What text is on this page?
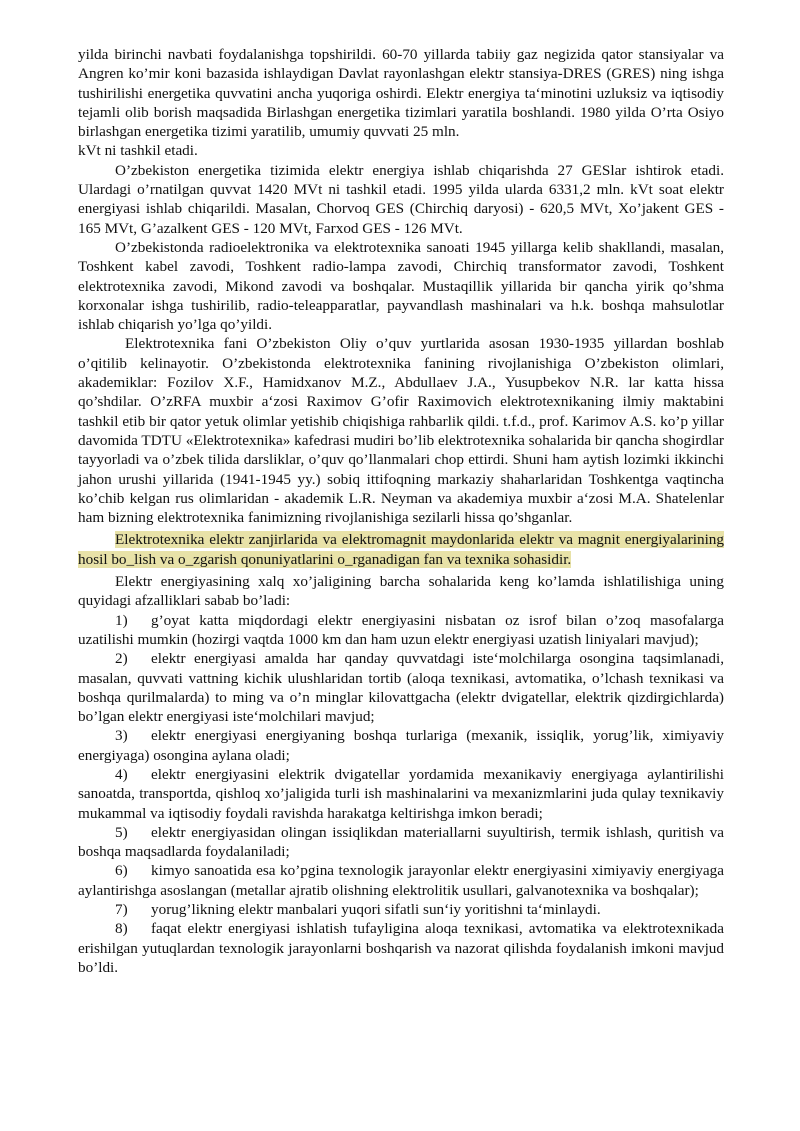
yilda birinchi navbati foydalanishga topshirildi. 60-70 yillarda tabiiy gaz negizida qator stansiyalar va Angren ko’mir koni bazasida ishlaydigan Davlat rayonlashgan elektr stansiya-DRES (GRES) ning ishga tushirilishi energetika quvvatini ancha yuqoriga oshirdi. Elektr energiya ta‘minotini uzluksiz va iqtisodiy tejamli olib borish maqsadida Birlashgan energetika tizimlari yaratila boshlandi. 1980 yilda O’rta Osiyo birlashgan energetika tizimi yaratilib, umumiy quvvati 25 mln.

kVt ni tashkil etadi.

O’zbekiston energetika tizimida elektr energiya ishlab chiqarishda 27 GESlar ishtirok etadi. Ulardagi o’rnatilgan quvvat 1420 MVt ni tashkil etadi. 1995 yilda ularda 6331,2 mln. kVt soat elektr energiyasi ishlab chiqarildi. Masalan, Chorvoq GES (Chirchiq daryosi) - 620,5 MVt, Xo’jakent GES - 165 MVt, G’azalkent GES - 120 MVt, Farxod GES - 126 MVt.

O’zbekistonda radioelektronika va elektrotexnika sanoati 1945 yillarga kelib shakllandi, masalan, Toshkent kabel zavodi, Toshkent radio-lampa zavodi, Chirchiq transformator zavodi, Toshkent elektrotexnika zavodi, Mikond zavodi va boshqalar. Mustaqillik yillarida bir qancha yirik qo’shma korxonalar ishga tushirilib, radio-teleapparatlar, payvandlash mashinalari va h.k. boshqa mahsulotlar ishlab chiqarish yo’lga qo’yildi.

Elektrotexnika fani O’zbekiston Oliy o’quv yurtlarida asosan 1930-1935 yillardan boshlab o’qitilib kelinayotir. O’zbekistonda elektrotexnika fanining rivojlanishiga O’zbekiston olimlari, akademiklar: Fozilov X.F., Hamidxanov M.Z., Abdullaev J.A., Yusupbekov N.R. lar katta hissa qo’shdilar. O’zRFA muxbir a‘zosi Raximov G’ofir Raximovich elektrotexnikaning ilmiy maktabini tashkil etib bir qator yetuk olimlar yetishib chiqishiga rahbarlik qildi. t.f.d., prof. Karimov A.S. ko’p yillar davomida TDTU «Elektrotexnika» kafedrasi mudiri bo’lib elektrotexnika sohalarida bir qancha shogirdlar tayyorladi va o’zbek tilida darsliklar, o’quv qo’llanmalari chop ettirdi. Shuni ham aytish lozimki ikkinchi jahon urushi yillarida (1941-1945 yy.) sobiq ittifoqning markaziy shaharlaridan Toshkentga vaqtincha ko’chib kelgan rus olimlaridan - akademik L.R. Neyman va akademiya muxbir a‘zosi M.A. Shatelenlar ham bizning elektrotexnika fanimizning rivojlanishiga sezilarli hissa qo’shganlar.

Elektrotexnika elektr zanjirlarida va elektromagnit maydonlarida elektr va magnit energiyalarining hosil bo_lish va o_zgarish qonuniyatlarini o_rganadigan fan va texnika sohasidir.

Elektr energiyasining xalq xo’jaligining barcha sohalarida keng ko’lamda ishlatilishiga uning quyidagi afzalliklari sabab bo’ladi:

1) g’oyat katta miqdordagi elektr energiyasini nisbatan oz isrof bilan o’zoq masofalarga uzatilishi mumkin (hozirgi vaqtda 1000 km dan ham uzun elektr energiyasi uzatish liniyalari mavjud);

2) elektr energiyasi amalda har qanday quvvatdagi iste‘molchilarga osongina taqsimlanadi, masalan, quvvati vattning kichik ulushlaridan tortib (aloqa texnikasi, avtomatika, o’lchash texnikasi va boshqa qurilmalarda) to ming va o’n minglar kilovattgacha (elektr dvigatellar, elektrik qizdirgichlarda) bo’lgan elektr energiyasi iste‘molchilari mavjud;

3) elektr energiyasi energiyaning boshqa turlariga (mexanik, issiqlik, yorug’lik, ximiyaviy energiyaga) osongina aylana oladi;

4) elektr energiyasini elektrik dvigatellar yordamida mexanikaviy energiyaga aylantirilishi sanoatda, transportda, qishloq xo’jaligida turli ish mashinalarini va mexanizmlarini juda qulay texnikaviy mukammal va iqtisodiy foydali ravishda harakatga keltirishga imkon beradi;

5) elektr energiyasidan olingan issiqlikdan materiallarni suyultirish, termik ishlash, quritish va boshqa maqsadlarda foydalaniladi;

6) kimyo sanoatida esa ko’pgina texnologik jarayonlar elektr energiyasini ximiyaviy energiyaga aylantirishga asoslangan (metallar ajratib olishning elektrolitik usullari, galvanotexnika va boshqalar);

7) yorug’likning elektr manbalari yuqori sifatli sun‘iy yoritishni ta‘minlaydi.

8) faqat elektr energiyasi ishlatish tufayligina aloqa texnikasi, avtomatika va elektrotexnikada erishilgan yutuqlardan texnologik jarayonlarni boshqarish va nazorat qilishda foydalanish imkoni mavjud bo’ldi.
